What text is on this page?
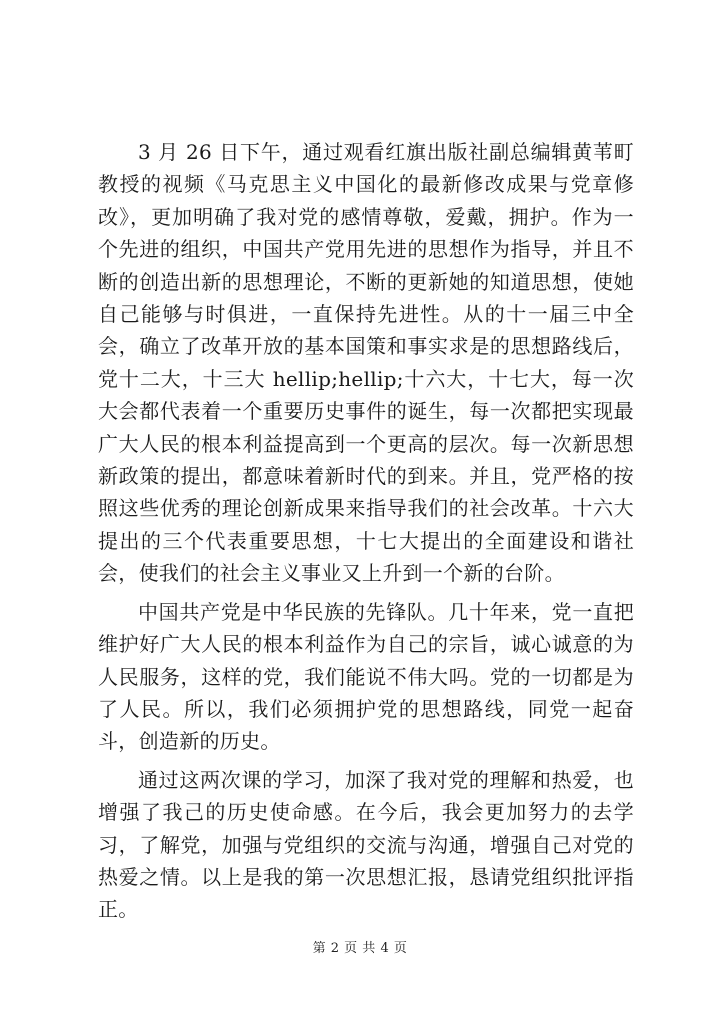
3 月 26 日下午，通过观看红旗出版社副总编辑黄苇町教授的视频《马克思主义中国化的最新修改成果与党章修改》，更加明确了我对党的感情尊敬，爱戴，拥护。作为一个先进的组织，中国共产党用先进的思想作为指导，并且不断的创造出新的思想理论，不断的更新她的知道思想，使她自己能够与时俱进，一直保持先进性。从的十一届三中全会，确立了改革开放的基本国策和事实求是的思想路线后，党十二大，十三大 hellip;hellip;十六大，十七大，每一次大会都代表着一个重要历史事件的诞生，每一次都把实现最广大人民的根本利益提高到一个更高的层次。每一次新思想新政策的提出，都意味着新时代的到来。并且，党严格的按照这些优秀的理论创新成果来指导我们的社会改革。十六大提出的三个代表重要思想，十七大提出的全面建设和谐社会，使我们的社会主义事业又上升到一个新的台阶。

中国共产党是中华民族的先锋队。几十年来，党一直把维护好广大人民的根本利益作为自己的宗旨，诚心诚意的为人民服务，这样的党，我们能说不伟大吗。党的一切都是为了人民。所以，我们必须拥护党的思想路线，同党一起奋斗，创造新的历史。

通过这两次课的学习，加深了我对党的理解和热爱，也增强了我己的历史使命感。在今后，我会更加努力的去学习，了解党，加强与党组织的交流与沟通，增强自己对党的热爱之情。以上是我的第一次思想汇报，恳请党组织批评指正。

第 2 页 共 4 页
